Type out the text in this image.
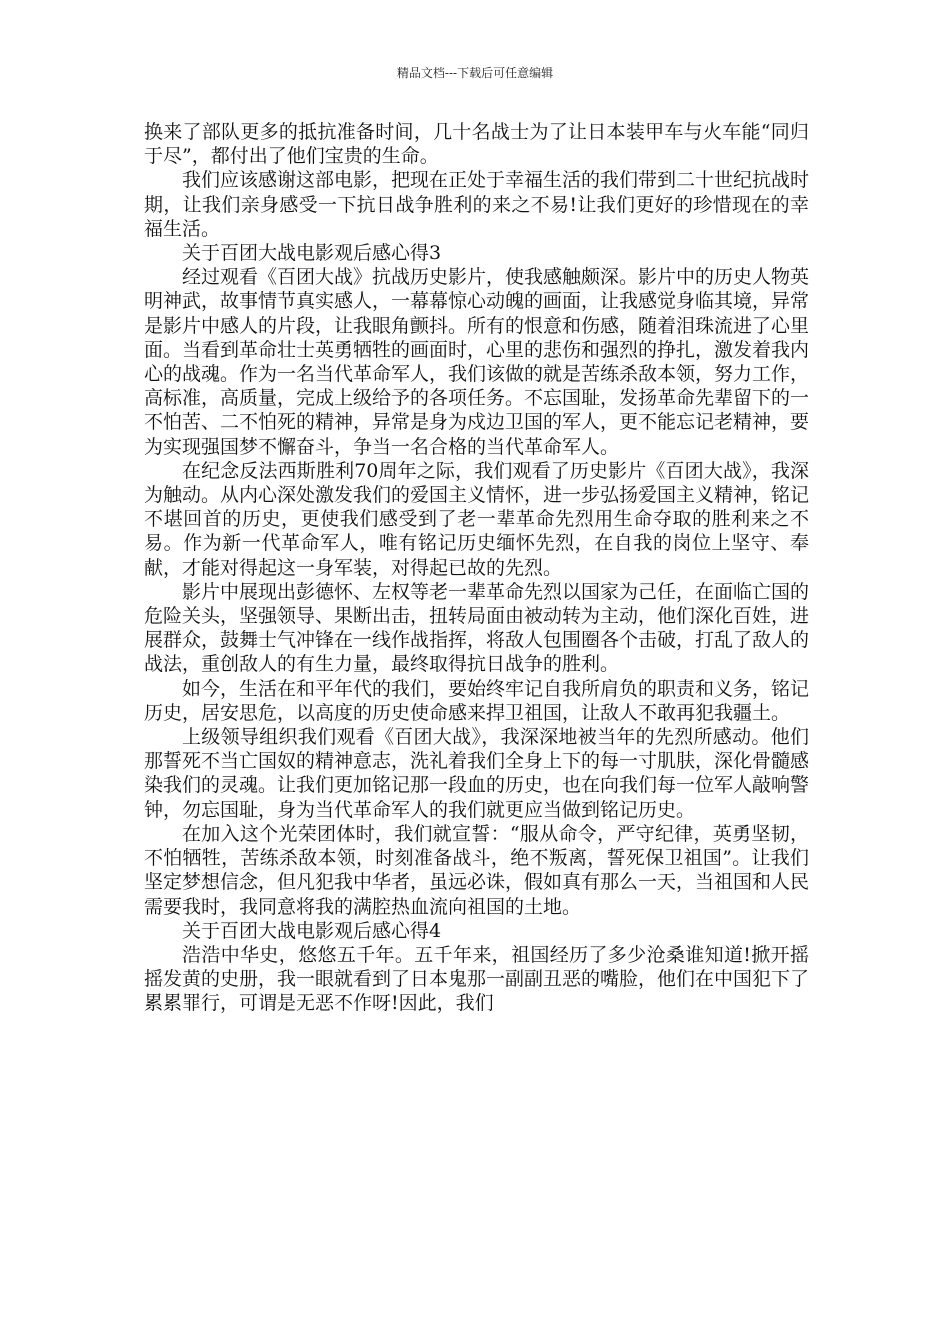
精品文档---下载后可任意编辑

换来了部队更多的抵抗准备时间，几十名战士为了让日本装甲车与火车能“同归于尽”，都付出了他们宝贵的生命。

我们应该感谢这部电影，把现在正处于幸福生活的我们带到二十世纪抗战时期，让我们亲身感受一下抗日战争胜利的来之不易!让我们更好的珍惜现在的幸福生活。

关于百团大战电影观后感心得3

经过观看《百团大战》抗战历史影片，使我感触颇深。影片中的历史人物英明神武，故事情节真实感人，一幕幕惊心动魄的画面，让我感觉身临其境，异常是影片中感人的片段，让我眼角颤抖。所有的恨意和伤感，随着泪珠流进了心里面。当看到革命壮士英勇牺牲的画面时，心里的悲伤和强烈的挣扎，激发着我内心的战魂。作为一名当代革命军人，我们该做的就是苦练杀敌本领，努力工作，高标准，高质量，完成上级给予的各项任务。不忘国耻，发扬革命先辈留下的一不怕苦、二不怕死的精神，异常是身为戍边卫国的军人，更不能忘记老精神，要为实现强国梦不懈奋斗，争当一名合格的当代革命军人。

在纪念反法西斯胜利70周年之际，我们观看了历史影片《百团大战》，我深为触动。从内心深处激发我们的爱国主义情怀，进一步弘扬爱国主义精神，铭记不堪回首的历史，更使我们感受到了老一辈革命先烈用生命夺取的胜利来之不易。作为新一代革命军人，唯有铭记历史缅怀先烈，在自我的岗位上坚守、奉献，才能对得起这一身军装，对得起已故的先烈。

影片中展现出彭德怀、左权等老一辈革命先烈以国家为己任，在面临亡国的危险关头，坚强领导、果断出击，扭转局面由被动转为主动，他们深化百姓，进展群众，鼓舞士气冲锋在一线作战指挥，将敌人包围圈各个击破，打乱了敌人的战法，重创敌人的有生力量，最终取得抗日战争的胜利。

如今，生活在和平年代的我们，要始终牢记自我所肩负的职责和义务，铭记历史，居安思危，以高度的历史使命感来捍卫祖国，让敌人不敢再犯我疆土。

上级领导组织我们观看《百团大战》，我深深地被当年的先烈所感动。他们那誓死不当亡国奴的精神意志，洗礼着我们全身上下的每一寸肌肤，深化骨髓感染我们的灵魂。让我们更加铭记那一段血的历史，也在向我们每一位军人敲响警钟，勿忘国耻，身为当代革命军人的我们就更应当做到铭记历史。

在加入这个光荣团体时，我们就宣誓：“服从命令，严守纪律，英勇坚韧，不怕牺牲，苦练杀敌本领，时刻准备战斗，绝不叛离，誓死保卫祖国”。让我们坚定梦想信念，但凡犯我中华者，虽远必诛，假如真有那么一天，当祖国和人民需要我时，我同意将我的满腔热血流向祖国的土地。

关于百团大战电影观后感心得4

浩浩中华史，悠悠五千年。五千年来，祖国经历了多少沧桑谁知道!掀开摇摇发黄的史册，我一眼就看到了日本鬼那一副副丑恶的嘴脸，他们在中国犯下了累累罪行，可谓是无恶不作呀!因此，我们
